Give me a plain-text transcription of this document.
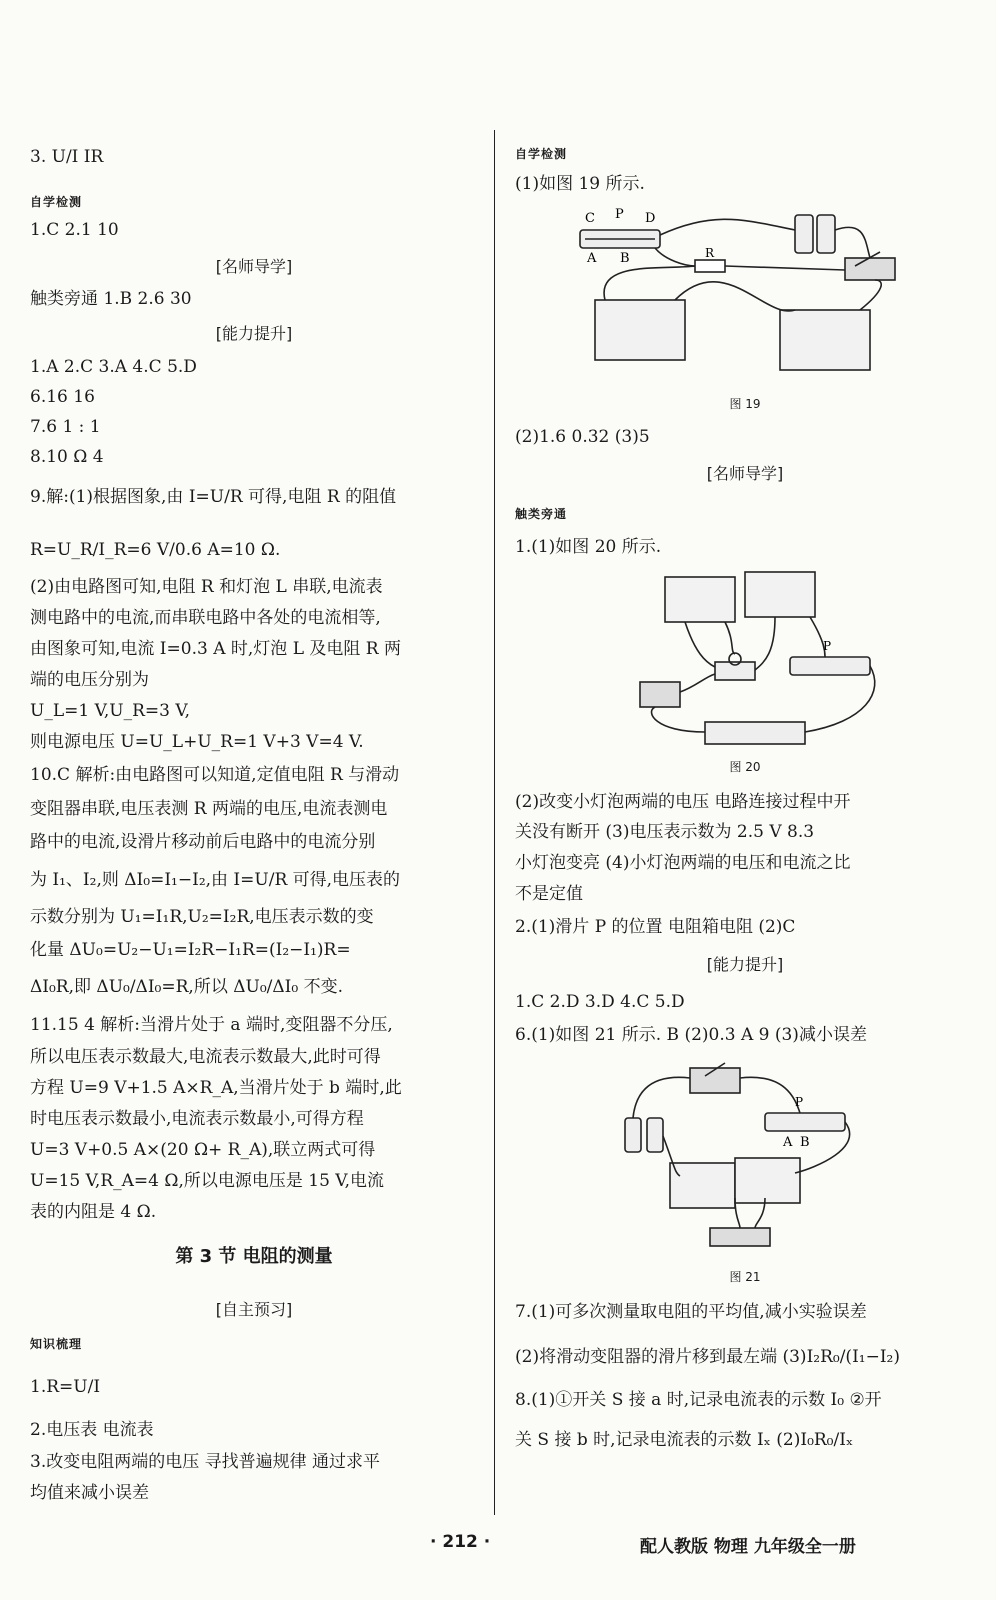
3. U/I IR
自学检测
1.C 2.1 10
[名师导学]
触类旁通 1.B 2.6 30
[能力提升]
1.A 2.C 3.A 4.C 5.D
6.16 16
7.6 1 : 1
8.10 Ω 4
9.解:(1)根据图象,由 I=U/R 可得,电阻 R 的阻值
R=U_R/I_R=6 V/0.6 A=10 Ω.
(2)由电路图可知,电阻 R 和灯泡 L 串联,电流表
测电路中的电流,而串联电路中各处的电流相等,
由图象可知,电流 I=0.3 A 时,灯泡 L 及电阻 R 两
端的电压分别为
U_L=1 V,U_R=3 V,
则电源电压 U=U_L+U_R=1 V+3 V=4 V.
10.C 解析:由电路图可以知道,定值电阻 R 与滑动
变阻器串联,电压表测 R 两端的电压,电流表测电
路中的电流,设滑片移动前后电路中的电流分别
为 I₁、I₂,则 ΔI₀=I₁−I₂,由 I=U/R 可得,电压表的
示数分别为 U₁=I₁R,U₂=I₂R,电压表示数的变
化量 ΔU₀=U₂−U₁=I₂R−I₁R=(I₂−I₁)R=
ΔI₀R,即 ΔU₀/ΔI₀=R,所以 ΔU₀/ΔI₀ 不变.
11.15 4 解析:当滑片处于 a 端时,变阻器不分压,
所以电压表示数最大,电流表示数最大,此时可得
方程 U=9 V+1.5 A×R_A,当滑片处于 b 端时,此
时电压表示数最小,电流表示数最小,可得方程
U=3 V+0.5 A×(20 Ω+ R_A),联立两式可得
U=15 V,R_A=4 Ω,所以电源电压是 15 V,电流
表的内阻是 4 Ω.
第 3 节 电阻的测量
[自主预习]
知识梳理
1.R=U/I
2.电压表 电流表
3.改变电阻两端的电压 寻找普遍规律 通过求平
均值来减小误差
自学检测
(1)如图 19 所示.
C P D
A B	R
图 19
(2)1.6 0.32 (3)5
[名师导学]
触类旁通
1.(1)如图 20 所示.
P
图 20
(2)改变小灯泡两端的电压 电路连接过程中开
关没有断开 (3)电压表示数为 2.5 V 8.3
小灯泡变亮 (4)小灯泡两端的电压和电流之比
不是定值
2.(1)滑片 P 的位置 电阻箱电阻 (2)C
[能力提升]
1.C 2.D 3.D 4.C 5.D
6.(1)如图 21 所示. B (2)0.3 A 9 (3)减小误差
P
A B
图 21
7.(1)可多次测量取电阻的平均值,减小实验误差
(2)将滑动变阻器的滑片移到最左端 (3)I₂R₀/(I₁−I₂)
8.(1)①开关 S 接 a 时,记录电流表的示数 I₀ ②开
关 S 接 b 时,记录电流表的示数 Iₓ (2)I₀R₀/Iₓ
· 212 ·	配人教版 物理 九年级全一册
